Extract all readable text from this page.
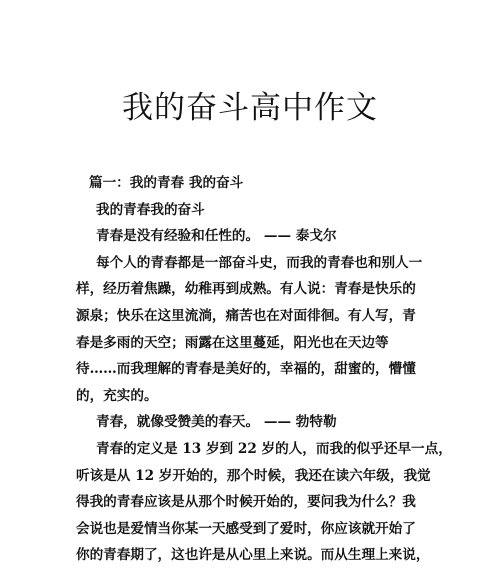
我的奋斗高中作文

篇一：我的青春 我的奋斗

我的青春我的奋斗

青春是没有经验和任性的。 —— 泰戈尔

每个人的青春都是一部奋斗史，而我的青春也和别人一

样，经历着焦躁，幼稚再到成熟。有人说：青春是快乐的

源泉；快乐在这里流淌，痛苦也在对面徘徊。有人写，青

春是多雨的天空；雨露在这里蔓延，阳光也在天边等

待……而我理解的青春是美好的，幸福的，甜蜜的，懵懂

的，充实的。

青春，就像受赞美的春天。 —— 勃特勒

青春的定义是 13 岁到 22 岁的人，而我的似乎还早一点，

听该是从 12 岁开始的，那个时候，我还在读六年级，我觉

得我的青春应该是从那个时候开始的，要问我为什么？我

会说也是爱情当你某一天感受到了爱时，你应该就开始了

你的青春期了，这也许是从心里上来说。而从生理上来说，
